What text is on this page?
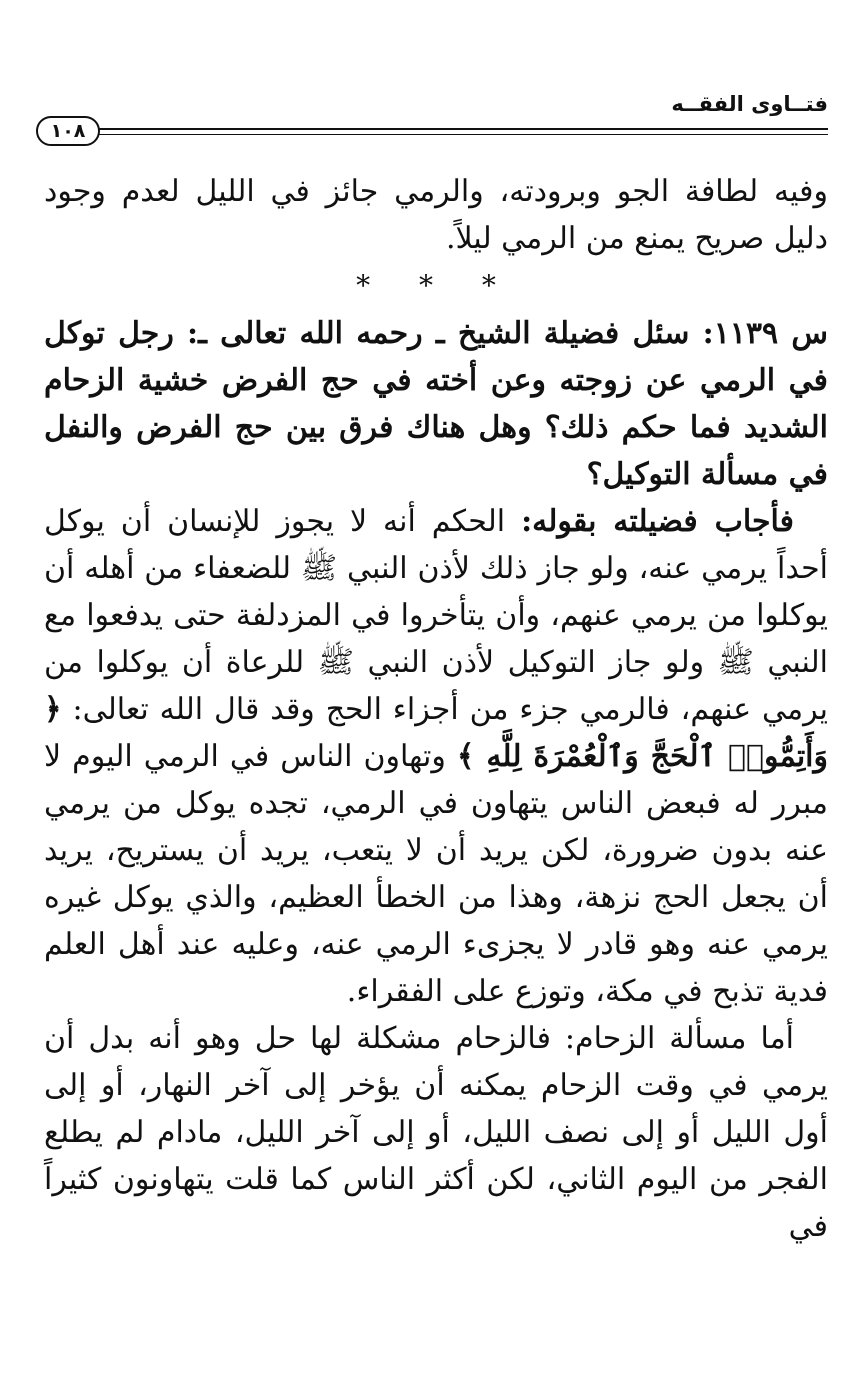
فتــاوى الفقــه
١٠٨

وفيه لطافة الجو وبرودته، والرمي جائز في الليل لعدم وجود دليل صريح يمنع من الرمي ليلاً.

* * *

س ١١٣٩: سئل فضيلة الشيخ ـ رحمه الله تعالى ـ: رجل توكل في الرمي عن زوجته وعن أخته في حج الفرض خشية الزحام الشديد فما حكم ذلك؟ وهل هناك فرق بين حج الفرض والنفل في مسألة التوكيل؟

فأجاب فضيلته بقوله: الحكم أنه لا يجوز للإنسان أن يوكل أحداً يرمي عنه، ولو جاز ذلك لأذن النبي ﷺ للضعفاء من أهله أن يوكلوا من يرمي عنهم، وأن يتأخروا في المزدلفة حتى يدفعوا مع النبي ﷺ ولو جاز التوكيل لأذن النبي ﷺ للرعاة أن يوكلوا من يرمي عنهم، فالرمي جزء من أجزاء الحج وقد قال الله تعالى: ﴿ وَأَتِمُّوا۟ ٱلْحَجَّ وَٱلْعُمْرَةَ لِلَّهِ ﴾ وتهاون الناس في الرمي اليوم لا مبرر له فبعض الناس يتهاون في الرمي، تجده يوكل من يرمي عنه بدون ضرورة، لكن يريد أن لا يتعب، يريد أن يستريح، يريد أن يجعل الحج نزهة، وهذا من الخطأ العظيم، والذي يوكل غيره يرمي عنه وهو قادر لا يجزىء الرمي عنه، وعليه عند أهل العلم فدية تذبح في مكة، وتوزع على الفقراء.

أما مسألة الزحام: فالزحام مشكلة لها حل وهو أنه بدل أن يرمي في وقت الزحام يمكنه أن يؤخر إلى آخر النهار، أو إلى أول الليل أو إلى نصف الليل، أو إلى آخر الليل، مادام لم يطلع الفجر من اليوم الثاني، لكن أكثر الناس كما قلت يتهاونون كثيراً في
